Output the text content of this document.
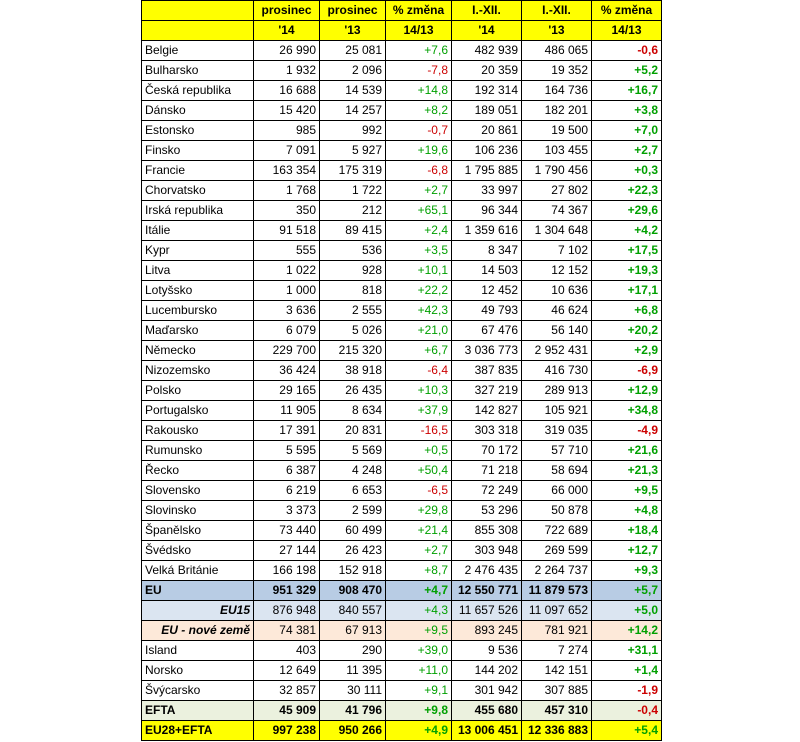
	prosinec	prosinec	% změna	I.-XII.	I.-XII.	% změna
	'14	'13	14/13	'14	'13	14/13
Belgie	26 990	25 081	+7,6	482 939	486 065	-0,6
Bulharsko	1 932	2 096	-7,8	20 359	19 352	+5,2
Česká republika	16 688	14 539	+14,8	192 314	164 736	+16,7
Dánsko	15 420	14 257	+8,2	189 051	182 201	+3,8
Estonsko	985	992	-0,7	20 861	19 500	+7,0
Finsko	7 091	5 927	+19,6	106 236	103 455	+2,7
Francie	163 354	175 319	-6,8	1 795 885	1 790 456	+0,3
Chorvatsko	1 768	1 722	+2,7	33 997	27 802	+22,3
Irská republika	350	212	+65,1	96 344	74 367	+29,6
Itálie	91 518	89 415	+2,4	1 359 616	1 304 648	+4,2
Kypr	555	536	+3,5	8 347	7 102	+17,5
Litva	1 022	928	+10,1	14 503	12 152	+19,3
Lotyšsko	1 000	818	+22,2	12 452	10 636	+17,1
Lucembursko	3 636	2 555	+42,3	49 793	46 624	+6,8
Maďarsko	6 079	5 026	+21,0	67 476	56 140	+20,2
Německo	229 700	215 320	+6,7	3 036 773	2 952 431	+2,9
Nizozemsko	36 424	38 918	-6,4	387 835	416 730	-6,9
Polsko	29 165	26 435	+10,3	327 219	289 913	+12,9
Portugalsko	11 905	8 634	+37,9	142 827	105 921	+34,8
Rakousko	17 391	20 831	-16,5	303 318	319 035	-4,9
Rumunsko	5 595	5 569	+0,5	70 172	57 710	+21,6
Řecko	6 387	4 248	+50,4	71 218	58 694	+21,3
Slovensko	6 219	6 653	-6,5	72 249	66 000	+9,5
Slovinsko	3 373	2 599	+29,8	53 296	50 878	+4,8
Španělsko	73 440	60 499	+21,4	855 308	722 689	+18,4
Švédsko	27 144	26 423	+2,7	303 948	269 599	+12,7
Velká Británie	166 198	152 918	+8,7	2 476 435	2 264 737	+9,3
EU	951 329	908 470	+4,7	12 550 771	11 879 573	+5,7
EU15	876 948	840 557	+4,3	11 657 526	11 097 652	+5,0
EU - nové země	74 381	67 913	+9,5	893 245	781 921	+14,2
Island	403	290	+39,0	9 536	7 274	+31,1
Norsko	12 649	11 395	+11,0	144 202	142 151	+1,4
Švýcarsko	32 857	30 111	+9,1	301 942	307 885	-1,9
EFTA	45 909	41 796	+9,8	455 680	457 310	-0,4
EU28+EFTA	997 238	950 266	+4,9	13 006 451	12 336 883	+5,4
